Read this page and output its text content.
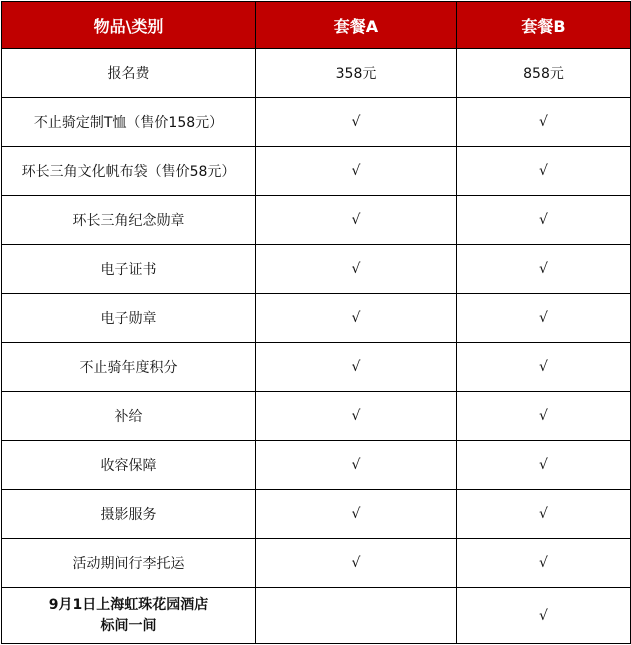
物品\类别	套餐A	套餐B
报名费	358元	858元
不止骑定制T恤（售价158元）	√	√
环长三角文化帆布袋（售价58元）	√	√
环长三角纪念勋章	√	√
电子证书	√	√
电子勋章	√	√
不止骑年度积分	√	√
补给	√	√
收容保障	√	√
摄影服务	√	√
活动期间行李托运	√	√

9月1日上海虹珠花园酒店
标间一间		√
